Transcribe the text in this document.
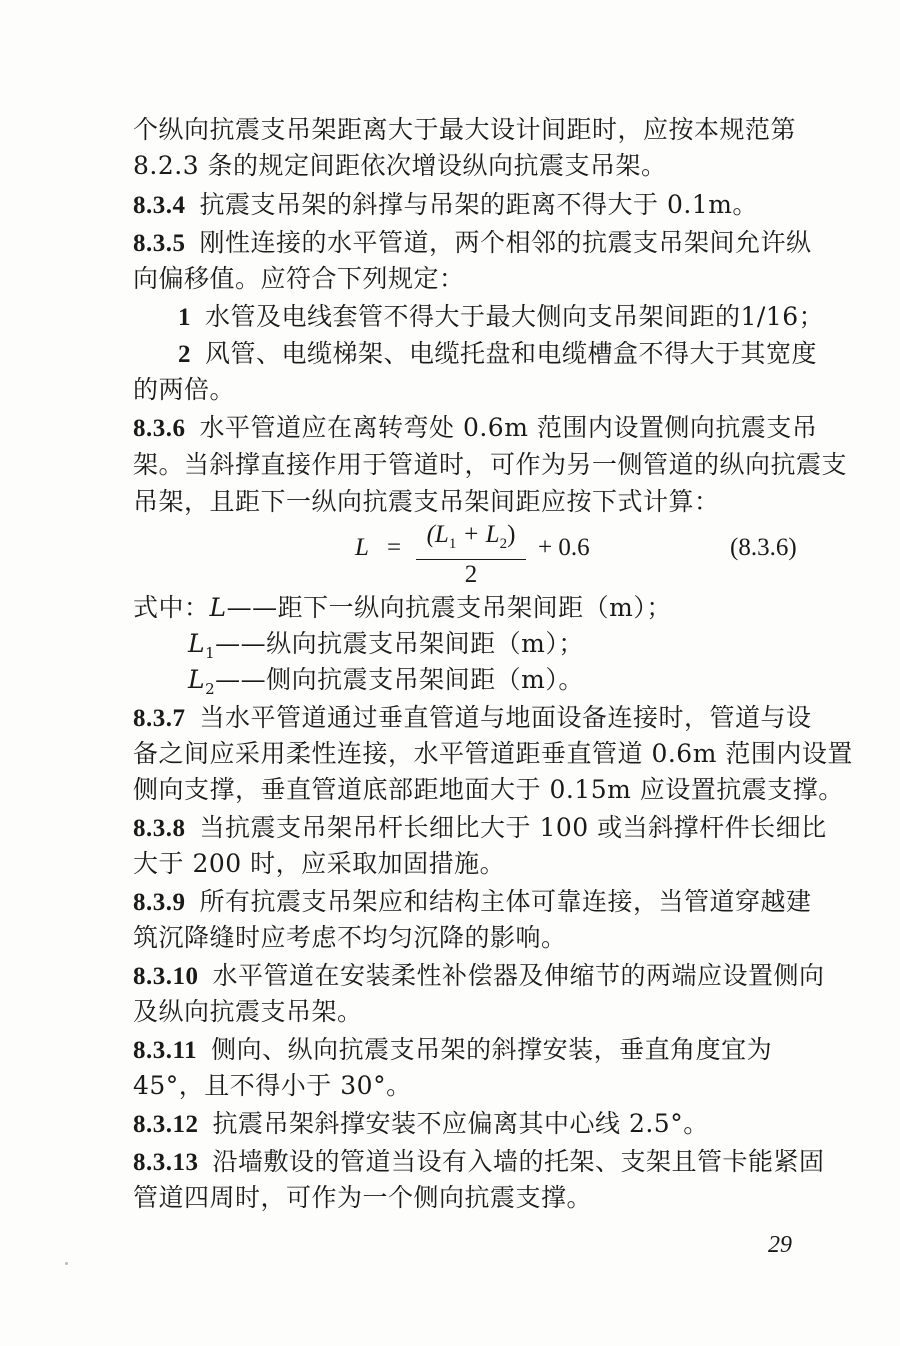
个纵向抗震支吊架距离大于最大设计间距时，应按本规范第
8.2.3 条的规定间距依次增设纵向抗震支吊架。
8.3.4 抗震支吊架的斜撑与吊架的距离不得大于 0.1m。
8.3.5 刚性连接的水平管道，两个相邻的抗震支吊架间允许纵
向偏移值。应符合下列规定：
1 水管及电线套管不得大于最大侧向支吊架间距的1/16；
2 风管、电缆梯架、电缆托盘和电缆槽盒不得大于其宽度
的两倍。
8.3.6 水平管道应在离转弯处 0.6m 范围内设置侧向抗震支吊
架。当斜撑直接作用于管道时，可作为另一侧管道的纵向抗震支
吊架，且距下一纵向抗震支吊架间距应按下式计算：
L =	$(L_1 + L_2)$
2
+ 0.6	(8.3.6)
式中：L——距下一纵向抗震支吊架间距（m）；
$L_1——$纵向抗震支吊架间距（m）；
$L_2——$侧向抗震支吊架间距（m）。
8.3.7 当水平管道通过垂直管道与地面设备连接时，管道与设
备之间应采用柔性连接，水平管道距垂直管道 0.6m 范围内设置
侧向支撑，垂直管道底部距地面大于 0.15m 应设置抗震支撑。
8.3.8 当抗震支吊架吊杆长细比大于 100 或当斜撑杆件长细比
大于 200 时，应采取加固措施。
8.3.9 所有抗震支吊架应和结构主体可靠连接，当管道穿越建
筑沉降缝时应考虑不均匀沉降的影响。
8.3.10 水平管道在安装柔性补偿器及伸缩节的两端应设置侧向
及纵向抗震支吊架。
8.3.11 侧向、纵向抗震支吊架的斜撑安装，垂直角度宜为
45°，且不得小于 30°。
8.3.12 抗震吊架斜撑安装不应偏离其中心线 2.5°。
8.3.13 沿墙敷设的管道当设有入墙的托架、支架且管卡能紧固
管道四周时，可作为一个侧向抗震支撑。
29
